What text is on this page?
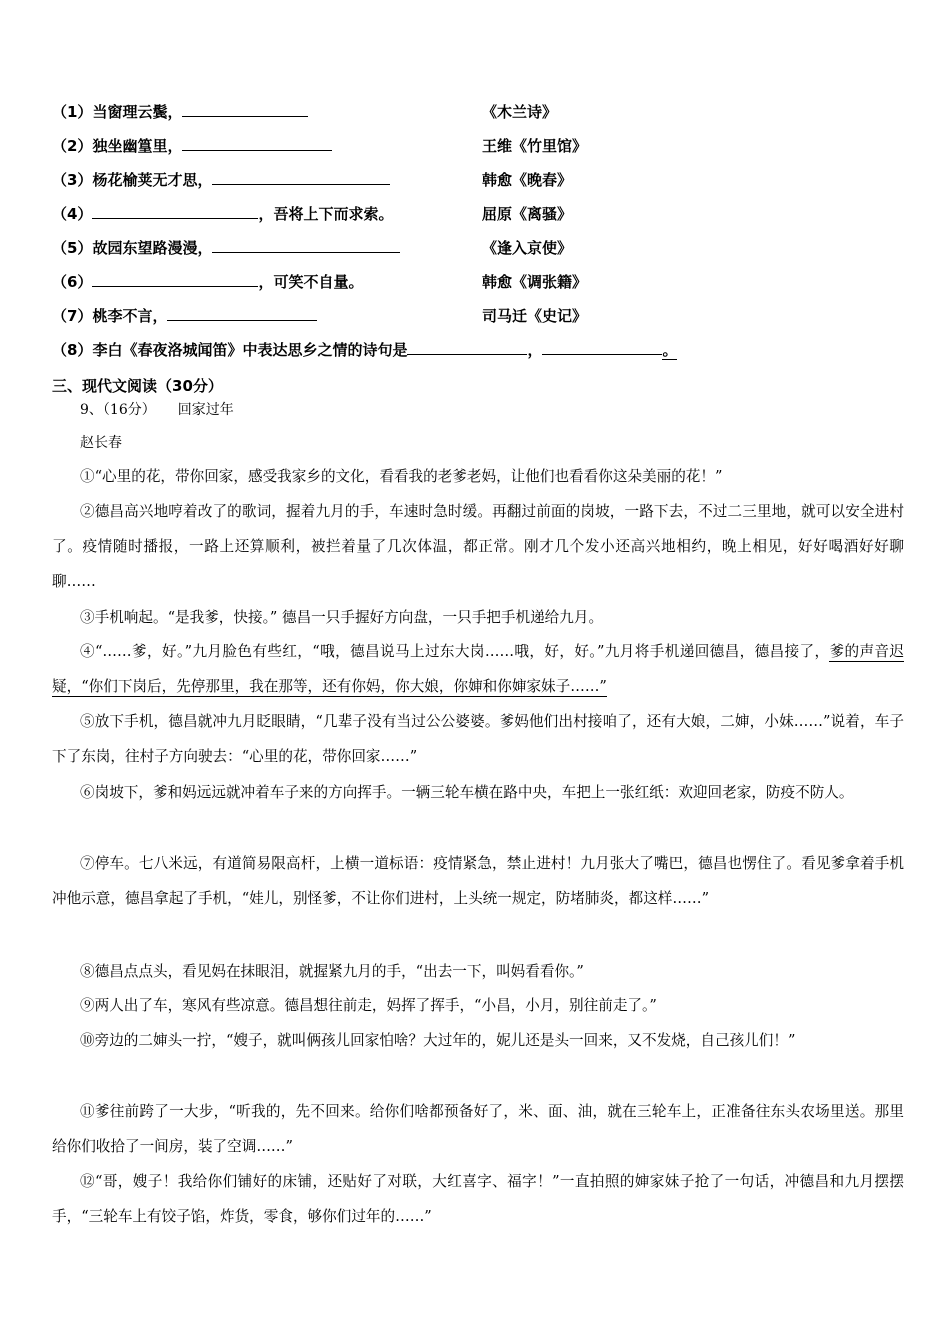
（1）当窗理云鬓，	《木兰诗》
（2）独坐幽篁里，	王维《竹里馆》
（3）杨花榆荚无才思，	韩愈《晚春》
（4）	，吾将上下而求索。	屈原《离骚》
（5）故园东望路漫漫，	《逢入京使》
（6）	，可笑不自量。	韩愈《调张籍》
（7）桃李不言，	司马迁《史记》
（8）李白《春夜洛城闻笛》中表达思乡之情的诗句是	，	。
三、现代文阅读（30分）
9、（16分） 回家过年
赵长春

①“心里的花，带你回家，感受我家乡的文化，看看我的老爹老妈，让他们也看看你这朵美丽的花！”

②德昌高兴地哼着改了的歌词，握着九月的手，车速时急时缓。再翻过前面的岗坡，一路下去，不过二三里地，就可以安全进村了。疫情随时播报，一路上还算顺利，被拦着量了几次体温，都正常。刚才几个发小还高兴地相约，晚上相见，好好喝酒好好聊聊……

③手机响起。“是我爹，快接。” 德昌一只手握好方向盘，一只手把手机递给九月。

④“……爹，好。”九月脸色有些红，“哦，德昌说马上过东大岗……哦，好，好。”九月将手机递回德昌，德昌接了，爹的声音迟疑，“你们下岗后，先停那里，我在那等，还有你妈，你大娘，你婶和你婶家妹子……”

⑤放下手机，德昌就冲九月眨眼睛，“几辈子没有当过公公婆婆。爹妈他们出村接咱了，还有大娘，二婶，小妹……”说着，车子下了东岗，往村子方向驶去：“心里的花，带你回家……”

⑥岗坡下，爹和妈远远就冲着车子来的方向挥手。一辆三轮车横在路中央，车把上一张红纸：欢迎回老家，防疫不防人。

⑦停车。七八米远，有道简易限高杆，上横一道标语：疫情紧急，禁止进村！九月张大了嘴巴，德昌也愣住了。看见爹拿着手机冲他示意，德昌拿起了手机，“娃儿，别怪爹，不让你们进村，上头统一规定，防堵肺炎，都这样……”

⑧德昌点点头，看见妈在抹眼泪，就握紧九月的手，“出去一下，叫妈看看你。”

⑨两人出了车，寒风有些凉意。德昌想往前走，妈挥了挥手，“小昌，小月，别往前走了。”

⑩旁边的二婶头一拧，“嫂子，就叫俩孩儿回家怕啥？大过年的，妮儿还是头一回来，又不发烧，自己孩儿们！”

⑪爹往前跨了一大步，“听我的，先不回来。给你们啥都预备好了，米、面、油，就在三轮车上，正准备往东头农场里送。那里给你们收拾了一间房，装了空调……”

⑫“哥，嫂子！我给你们铺好的床铺，还贴好了对联，大红喜字、福字！”一直拍照的婶家妹子抢了一句话，冲德昌和九月摆摆手，“三轮车上有饺子馅，炸货，零食，够你们过年的……”
